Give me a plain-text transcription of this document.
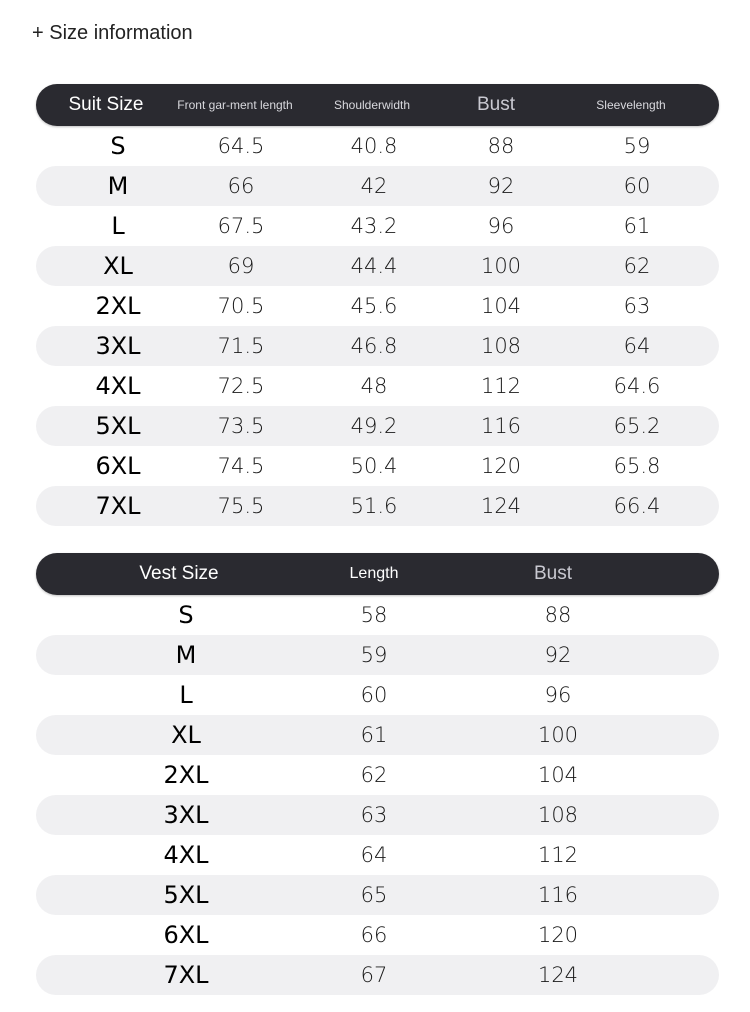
+ Size information
Suit Size	Front gar- ment length	Shoulder width	Bust	Sleeve length
S	64.5	40.8	88	59
M	66	42	92	60
L	67.5	43.2	96	61
XL	69	44.4	100	62
2XL	70.5	45.6	104	63
3XL	71.5	46.8	108	64
4XL	72.5	48	112	64.6
5XL	73.5	49.2	116	65.2
6XL	74.5	50.4	120	65.8
7XL	75.5	51.6	124	66.4
Vest Size	Length	Bust
S	58	88
M	59	92
L	60	96
XL	61	100
2XL	62	104
3XL	63	108
4XL	64	112
5XL	65	116
6XL	66	120
7XL	67	124
